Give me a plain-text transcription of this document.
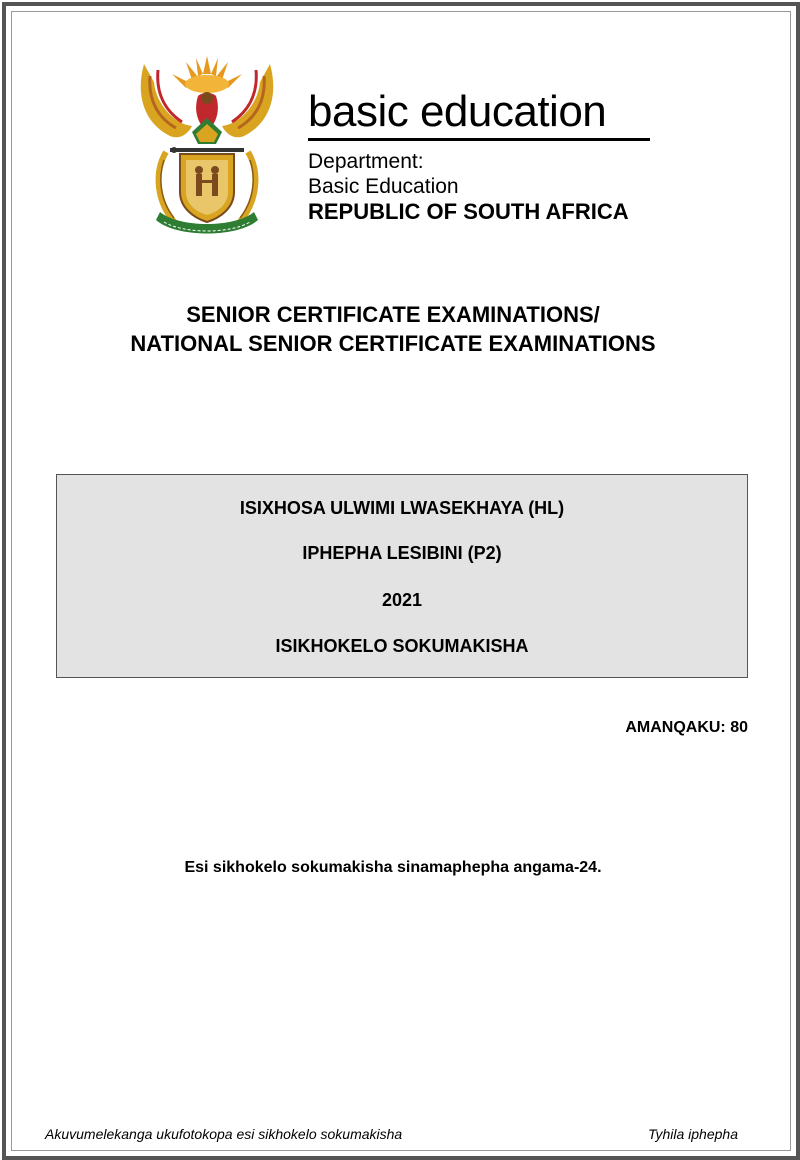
basic education
Department:
Basic Education
REPUBLIC OF SOUTH AFRICA
SENIOR CERTIFICATE EXAMINATIONS/
NATIONAL SENIOR CERTIFICATE EXAMINATIONS
ISIXHOSA ULWIMI LWASEKHAYA (HL)
IPHEPHA LESIBINI (P2)
2021
ISIKHOKELO SOKUMAKISHA
AMANQAKU: 80
Esi sikhokelo sokumakisha sinamaphepha angama-24.
Akuvumelekanga ukufotokopa esi sikhokelo sokumakisha	Tyhila iphepha
